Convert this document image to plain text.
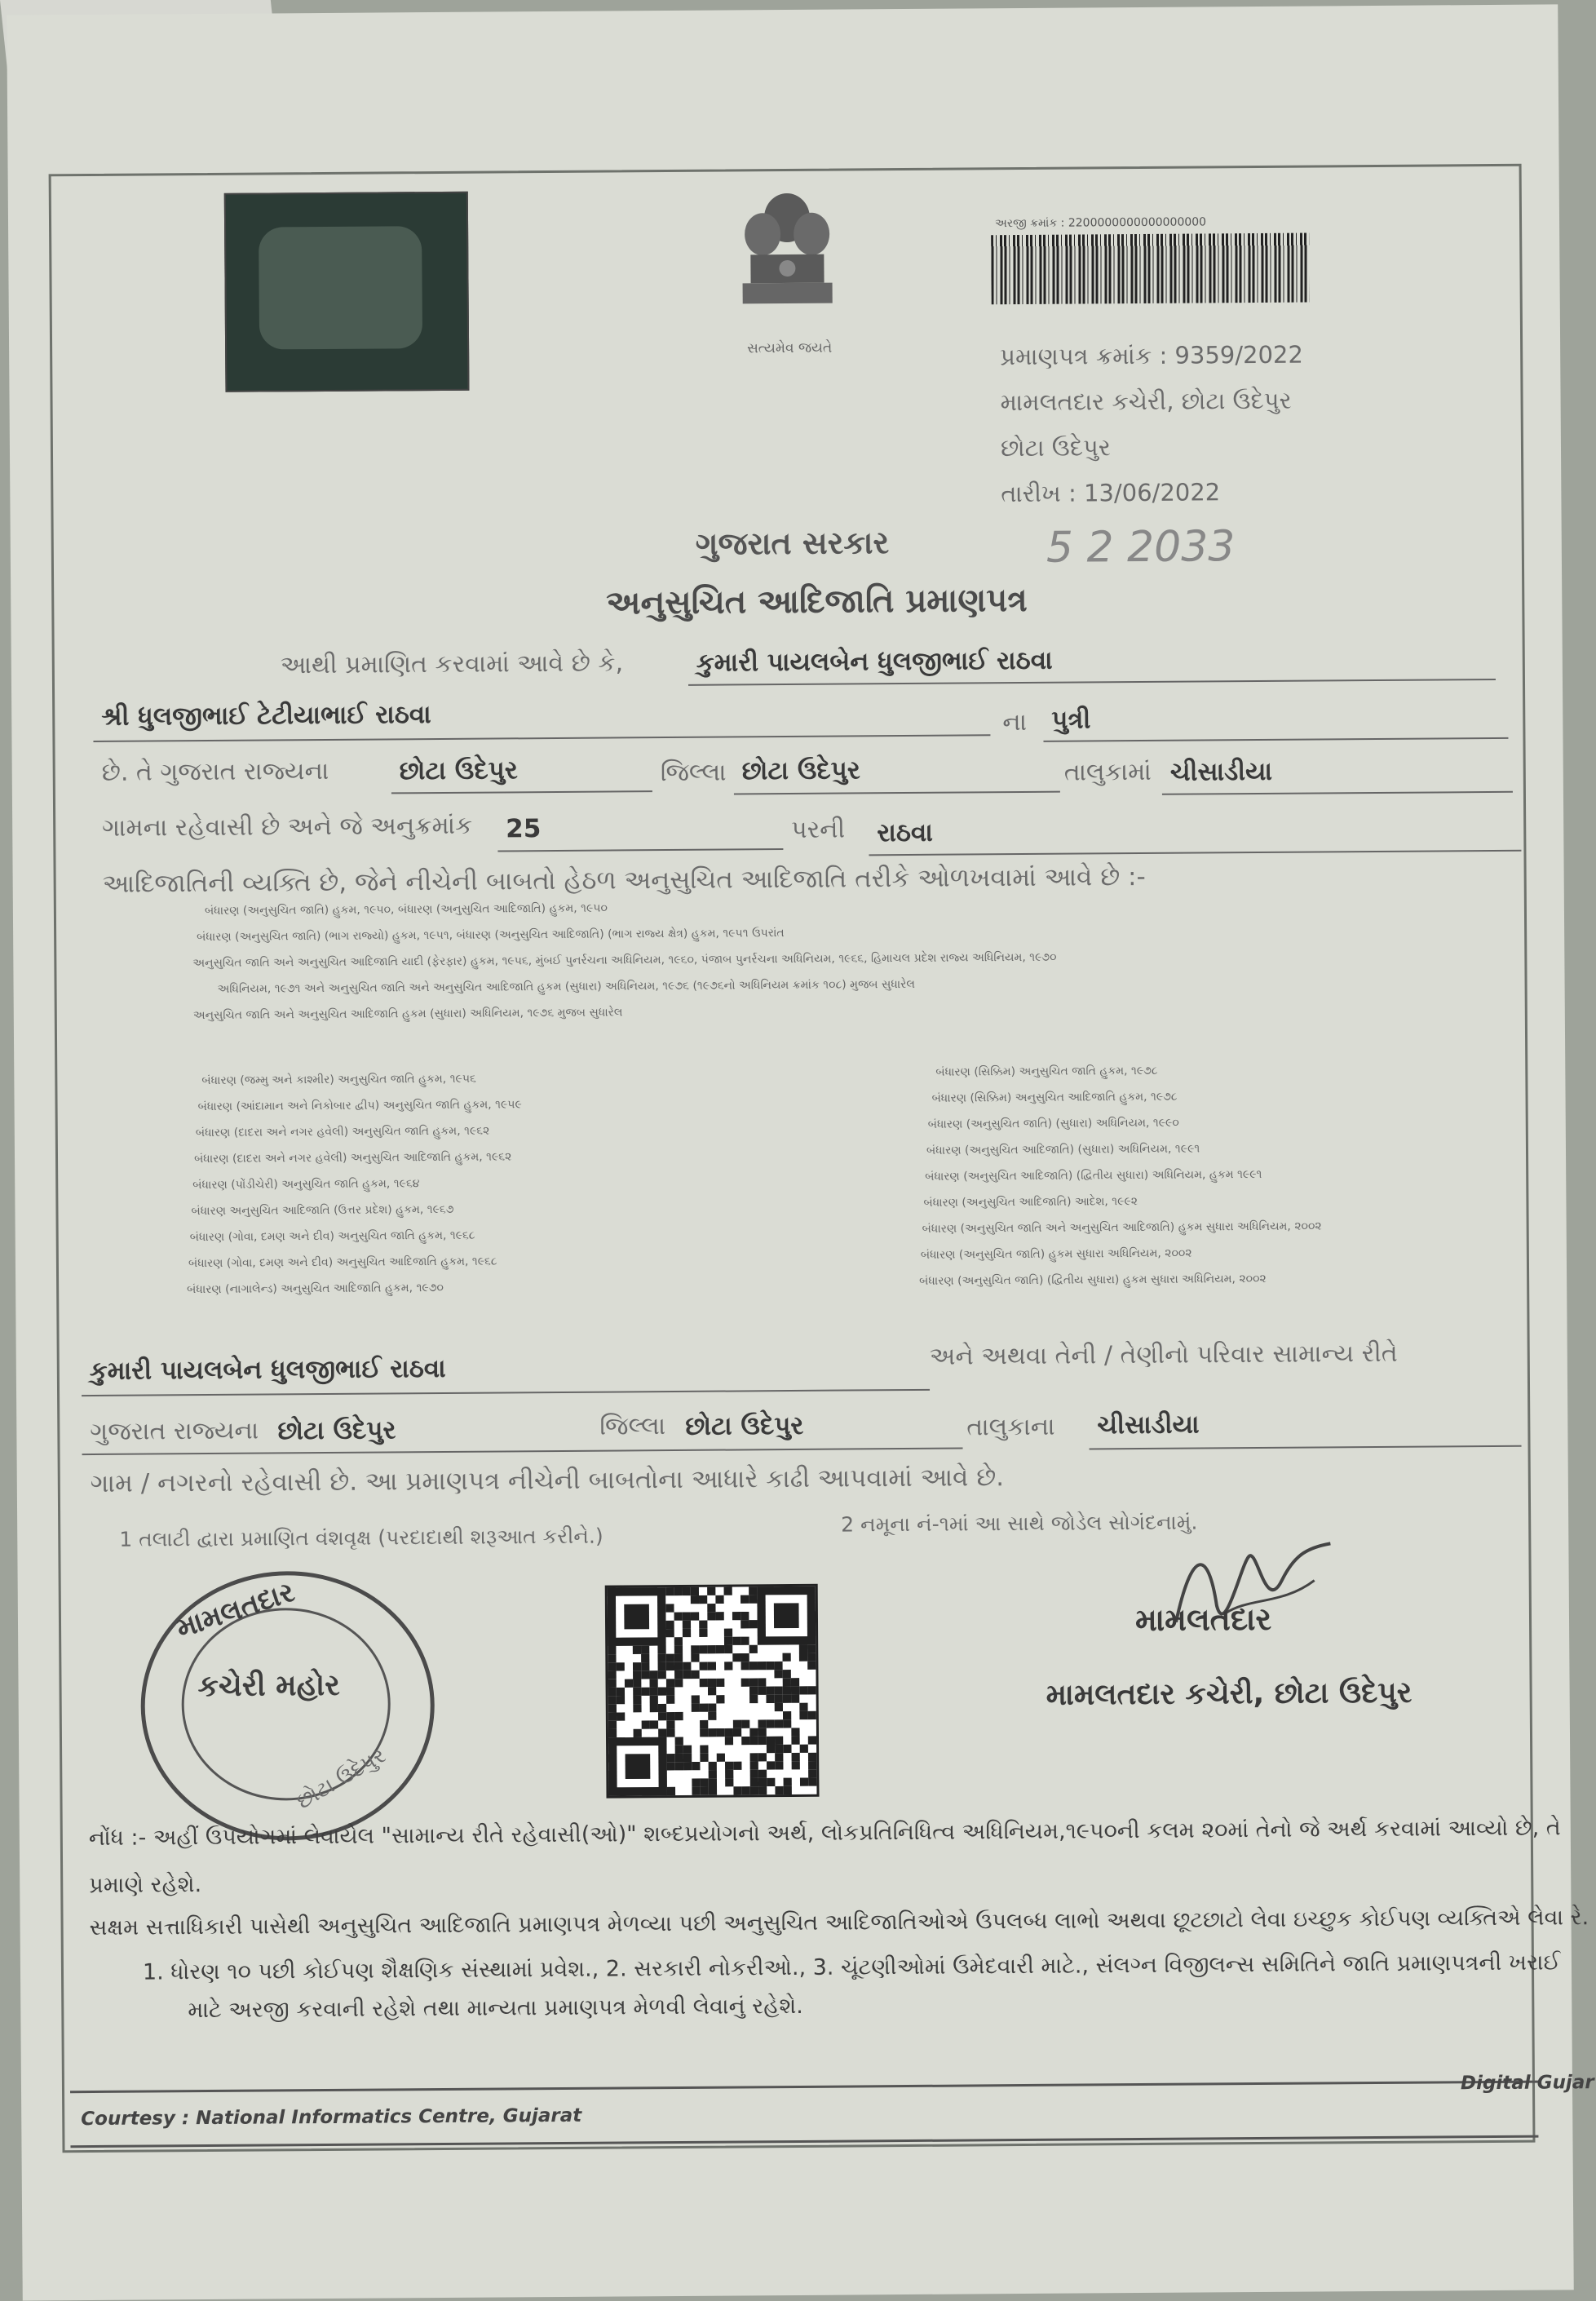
સત્યમેવ જયતે
અરજી ક્રમાંક : 2200000000000000000
પ્રમાણપત્ર ક્રમાંક : 9359/2022
મામલતદાર કચેરી, છોટા ઉદેપુર
છોટા ઉદેપુર
તારીખ : 13/06/2022
5 2 2033
ગુજરાત સરકાર
અનુસુચિત આદિજાતિ પ્રમાણપત્ર
આથી પ્રમાણિત કરવામાં આવે છે કે,	કુમારી પાયલબેન ધુલજીભાઈ રાઠવા
શ્રી ધુલજીભાઈ ટેટીયાભાઈ રાઠવા	ના પુત્રી
છે. તે ગુજરાત રાજ્યના	છોટા ઉદેપુર	જિલ્લા છોટા ઉદેપુર	તાલુકામાં ચીસાડીયા
ગામના રહેવાસી છે અને જે અનુક્રમાંક 25	પરની રાઠવા
આદિજાતિની વ્યક્તિ છે, જેને નીચેની બાબતો હેઠળ અનુસુચિત આદિજાતિ તરીકે ઓળખવામાં આવે છે :-
બંધારણ (અનુસુચિત જાતિ) હુકમ, ૧૯૫૦, બંધારણ (અનુસુચિત આદિજાતિ) હુકમ, ૧૯૫૦
બંધારણ (અનુસુચિત જાતિ) (ભાગ રાજ્યો) હુકમ, ૧૯૫૧, બંધારણ (અનુસુચિત આદિજાતિ) (ભાગ રાજ્ય ક્ષેત્ર) હુકમ, ૧૯૫૧ ઉપરાંત
અનુસુચિત જાતિ અને અનુસુચિત આદિજાતિ યાદી (ફેરફાર) હુકમ, ૧૯૫૬, મુંબઈ પુનર્રચના અધિનિયમ, ૧૯૬૦, પંજાબ પુનર્રચના અધિનિયમ, ૧૯૬૬, હિમાચલ પ્રદેશ રાજ્ય અધિનિયમ, ૧૯૭૦
અધિનિયમ, ૧૯૭૧ અને અનુસુચિત જાતિ અને અનુસુચિત આદિજાતિ હુકમ (સુધારા) અધિનિયમ, ૧૯૭૬ (૧૯૭૬નો અધિનિયમ ક્રમાંક ૧૦૮) મુજબ સુધારેલ
અનુસુચિત જાતિ અને અનુસુચિત આદિજાતિ હુકમ (સુધારા) અધિનિયમ, ૧૯૭૬ મુજબ સુધારેલ
બંધારણ (જમ્મુ અને કાશ્મીર) અનુસુચિત જાતિ હુકમ, ૧૯૫૬
બંધારણ (આંદામાન અને નિકોબાર દ્વીપ) અનુસુચિત જાતિ હુકમ, ૧૯૫૯
બંધારણ (દાદરા અને નગર હવેલી) અનુસુચિત જાતિ હુકમ, ૧૯૬૨
બંધારણ (દાદરા અને નગર હવેલી) અનુસુચિત આદિજાતિ હુકમ, ૧૯૬૨
બંધારણ (પોંડીચેરી) અનુસુચિત જાતિ હુકમ, ૧૯૬૪
બંધારણ અનુસુચિત આદિજાતિ (ઉત્તર પ્રદેશ) હુકમ, ૧૯૬૭
બંધારણ (ગોવા, દમણ અને દીવ) અનુસુચિત જાતિ હુકમ, ૧૯૬૮
બંધારણ (ગોવા, દમણ અને દીવ) અનુસુચિત આદિજાતિ હુકમ, ૧૯૬૮
બંધારણ (નાગાલેન્ડ) અનુસુચિત આદિજાતિ હુકમ, ૧૯૭૦
બંધારણ (સિક્કિમ) અનુસુચિત જાતિ હુકમ, ૧૯૭૮
બંધારણ (સિક્કિમ) અનુસુચિત આદિજાતિ હુકમ, ૧૯૭૮
બંધારણ (અનુસુચિત જાતિ) (સુધારા) અધિનિયમ, ૧૯૯૦
બંધારણ (અનુસુચિત આદિજાતિ) (સુધારા) અધિનિયમ, ૧૯૯૧
બંધારણ (અનુસુચિત આદિજાતિ) (દ્વિતીય સુધારા) અધિનિયમ, હુકમ ૧૯૯૧
બંધારણ (અનુસુચિત આદિજાતિ) આદેશ, ૧૯૯૨
બંધારણ (અનુસુચિત જાતિ અને અનુસુચિત આદિજાતિ) હુકમ સુધારા અધિનિયમ, ૨૦૦૨
બંધારણ (અનુસુચિત જાતિ) હુકમ સુધારા અધિનિયમ, ૨૦૦૨
બંધારણ (અનુસુચિત જાતિ) (દ્વિતીય સુધારા) હુકમ સુધારા અધિનિયમ, ૨૦૦૨
કુમારી પાયલબેન ધુલજીભાઈ રાઠવા	અને અથવા તેની / તેણીનો પરિવાર સામાન્ય રીતે
ગુજરાત રાજ્યના છોટા ઉદેપુર	જિલ્લા છોટા ઉદેપુર	તાલુકાના ચીસાડીયા
ગામ / નગરનો રહેવાસી છે. આ પ્રમાણપત્ર નીચેની બાબતોના આધારે કાઢી આપવામાં આવે છે.
1 તલાટી દ્વારા પ્રમાણિત વંશવૃક્ષ (પરદાદાથી શરૂઆત કરીને.)
2 નમૂના નં-૧માં આ સાથે જોડેલ સોગંદનામું.
મામલતદાર
કચેરી મહોર
છોટા ઉદેપુર
મામલતદાર
મામલતદાર કચેરી, છોટા ઉદેપુર
નોંધ :- અહીં ઉપયોગમાં લેવાયેલ "સામાન્ય રીતે રહેવાસી(ઓ)" શબ્દપ્રયોગનો અર્થ, લોકપ્રતિનિધિત્વ અધિનિયમ,૧૯૫૦ની કલમ ૨૦માં તેનો જે અર્થ કરવામાં આવ્યો છે, તે
પ્રમાણે રહેશે.
સક્ષમ સત્તાધિકારી પાસેથી અનુસુચિત આદિજાતિ પ્રમાણપત્ર મેળવ્યા પછી અનુસુચિત આદિજાતિઓએ ઉપલબ્ધ લાભો અથવા છૂટછાટો લેવા ઇચ્છુક કોઈપણ વ્યક્તિએ લેવા રે.
1. ધોરણ ૧૦ પછી કોઈપણ શૈક્ષણિક સંસ્થામાં પ્રવેશ., 2. સરકારી નોકરીઓ., 3. ચૂંટણીઓમાં ઉમેદવારી માટે., સંલગ્ન વિજીલન્સ સમિતિને જાતિ પ્રમાણપત્રની ખરાઈ
માટે અરજી કરવાની રહેશે તથા માન્યતા પ્રમાણપત્ર મેળવી લેવાનું રહેશે.
Courtesy : National Informatics Centre, Gujarat
Digital Gujar
